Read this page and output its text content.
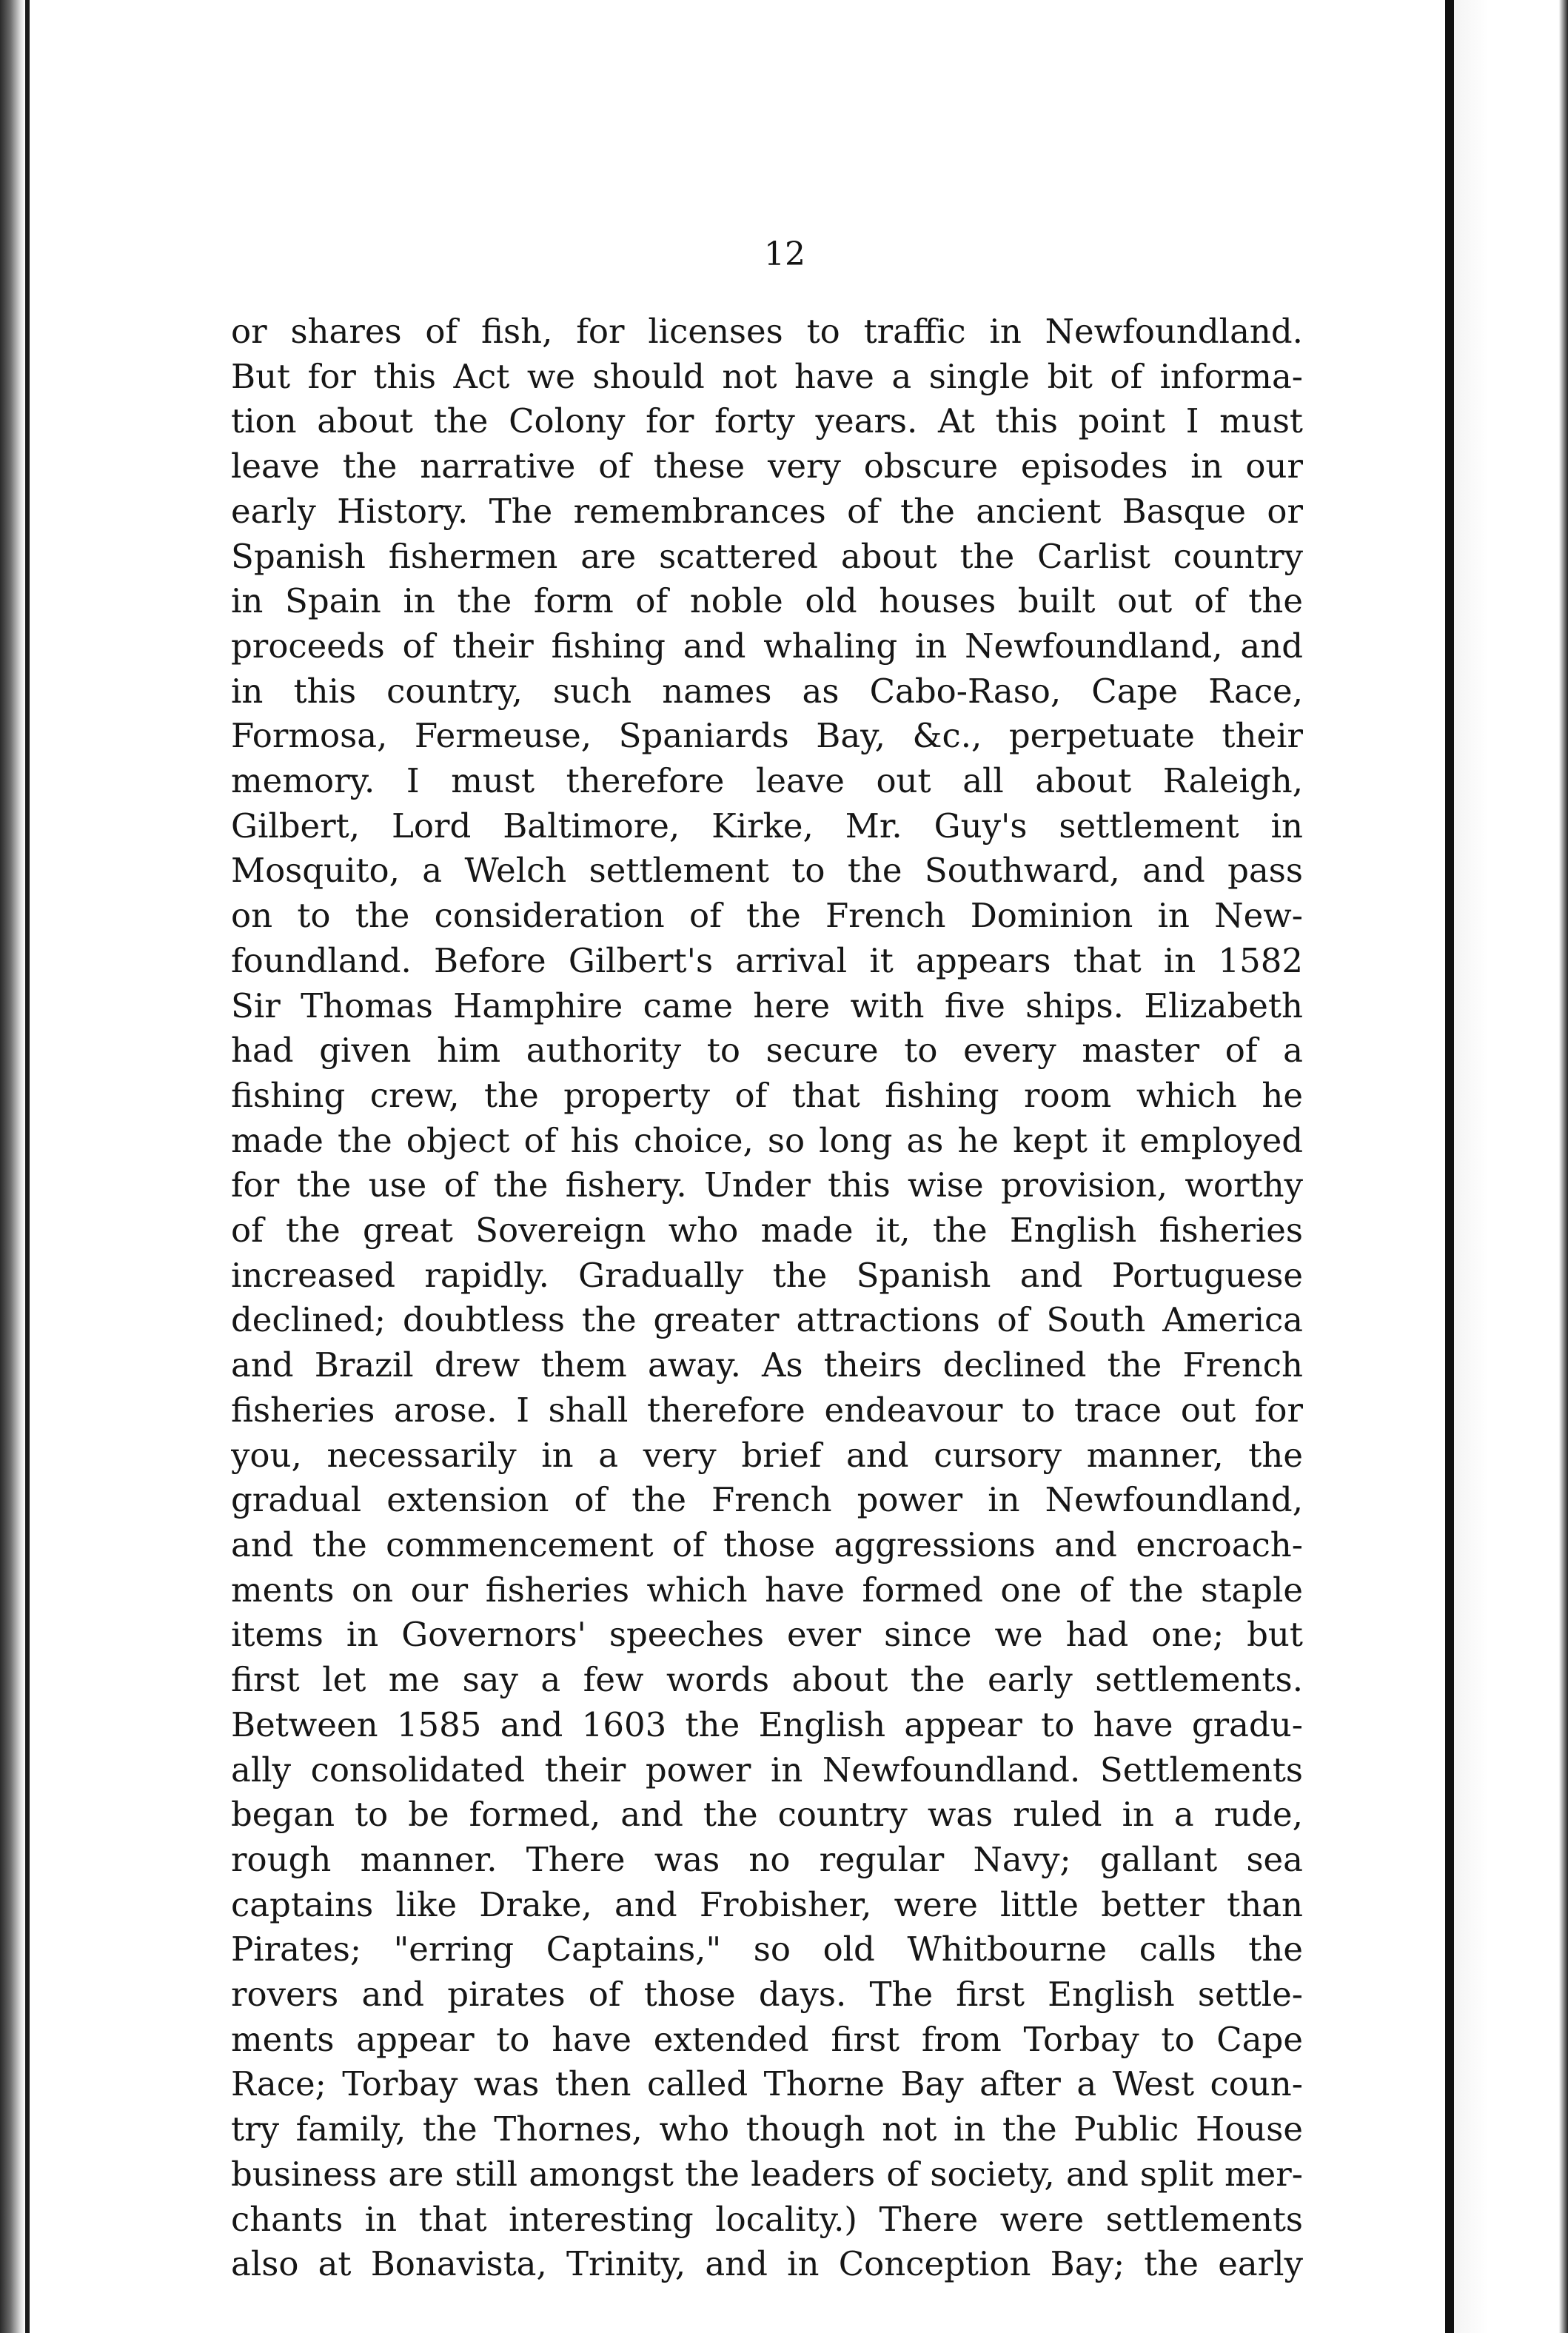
12

or shares of fish, for licenses to traffic in Newfoundland.
But for this Act we should not have a single bit of informa-
tion about the Colony for forty years. At this point I must
leave the narrative of these very obscure episodes in our
early History. The remembrances of the ancient Basque or
Spanish fishermen are scattered about the Carlist country
in Spain in the form of noble old houses built out of the
proceeds of their fishing and whaling in Newfoundland, and
in this country, such names as Cabo-Raso, Cape Race,
Formosa, Fermeuse, Spaniards Bay, &c., perpetuate their
memory. I must therefore leave out all about Raleigh,
Gilbert, Lord Baltimore, Kirke, Mr. Guy's settlement in
Mosquito, a Welch settlement to the Southward, and pass
on to the consideration of the French Dominion in New-
foundland. Before Gilbert's arrival it appears that in 1582
Sir Thomas Hamphire came here with five ships. Elizabeth
had given him authority to secure to every master of a
fishing crew, the property of that fishing room which he
made the object of his choice, so long as he kept it employed
for the use of the fishery. Under this wise provision, worthy
of the great Sovereign who made it, the English fisheries
increased rapidly. Gradually the Spanish and Portuguese
declined; doubtless the greater attractions of South America
and Brazil drew them away. As theirs declined the French
fisheries arose. I shall therefore endeavour to trace out for
you, necessarily in a very brief and cursory manner, the
gradual extension of the French power in Newfoundland,
and the commencement of those aggressions and encroach-
ments on our fisheries which have formed one of the staple
items in Governors' speeches ever since we had one; but
first let me say a few words about the early settlements.
Between 1585 and 1603 the English appear to have gradu-
ally consolidated their power in Newfoundland. Settlements
began to be formed, and the country was ruled in a rude,
rough manner. There was no regular Navy; gallant sea
captains like Drake, and Frobisher, were little better than
Pirates; "erring Captains," so old Whitbourne calls the
rovers and pirates of those days. The first English settle-
ments appear to have extended first from Torbay to Cape
Race; Torbay was then called Thorne Bay after a West coun-
try family, the Thornes, who though not in the Public House
business are still amongst the leaders of society, and split mer-
chants in that interesting locality.) There were settlements
also at Bonavista, Trinity, and in Conception Bay; the early
